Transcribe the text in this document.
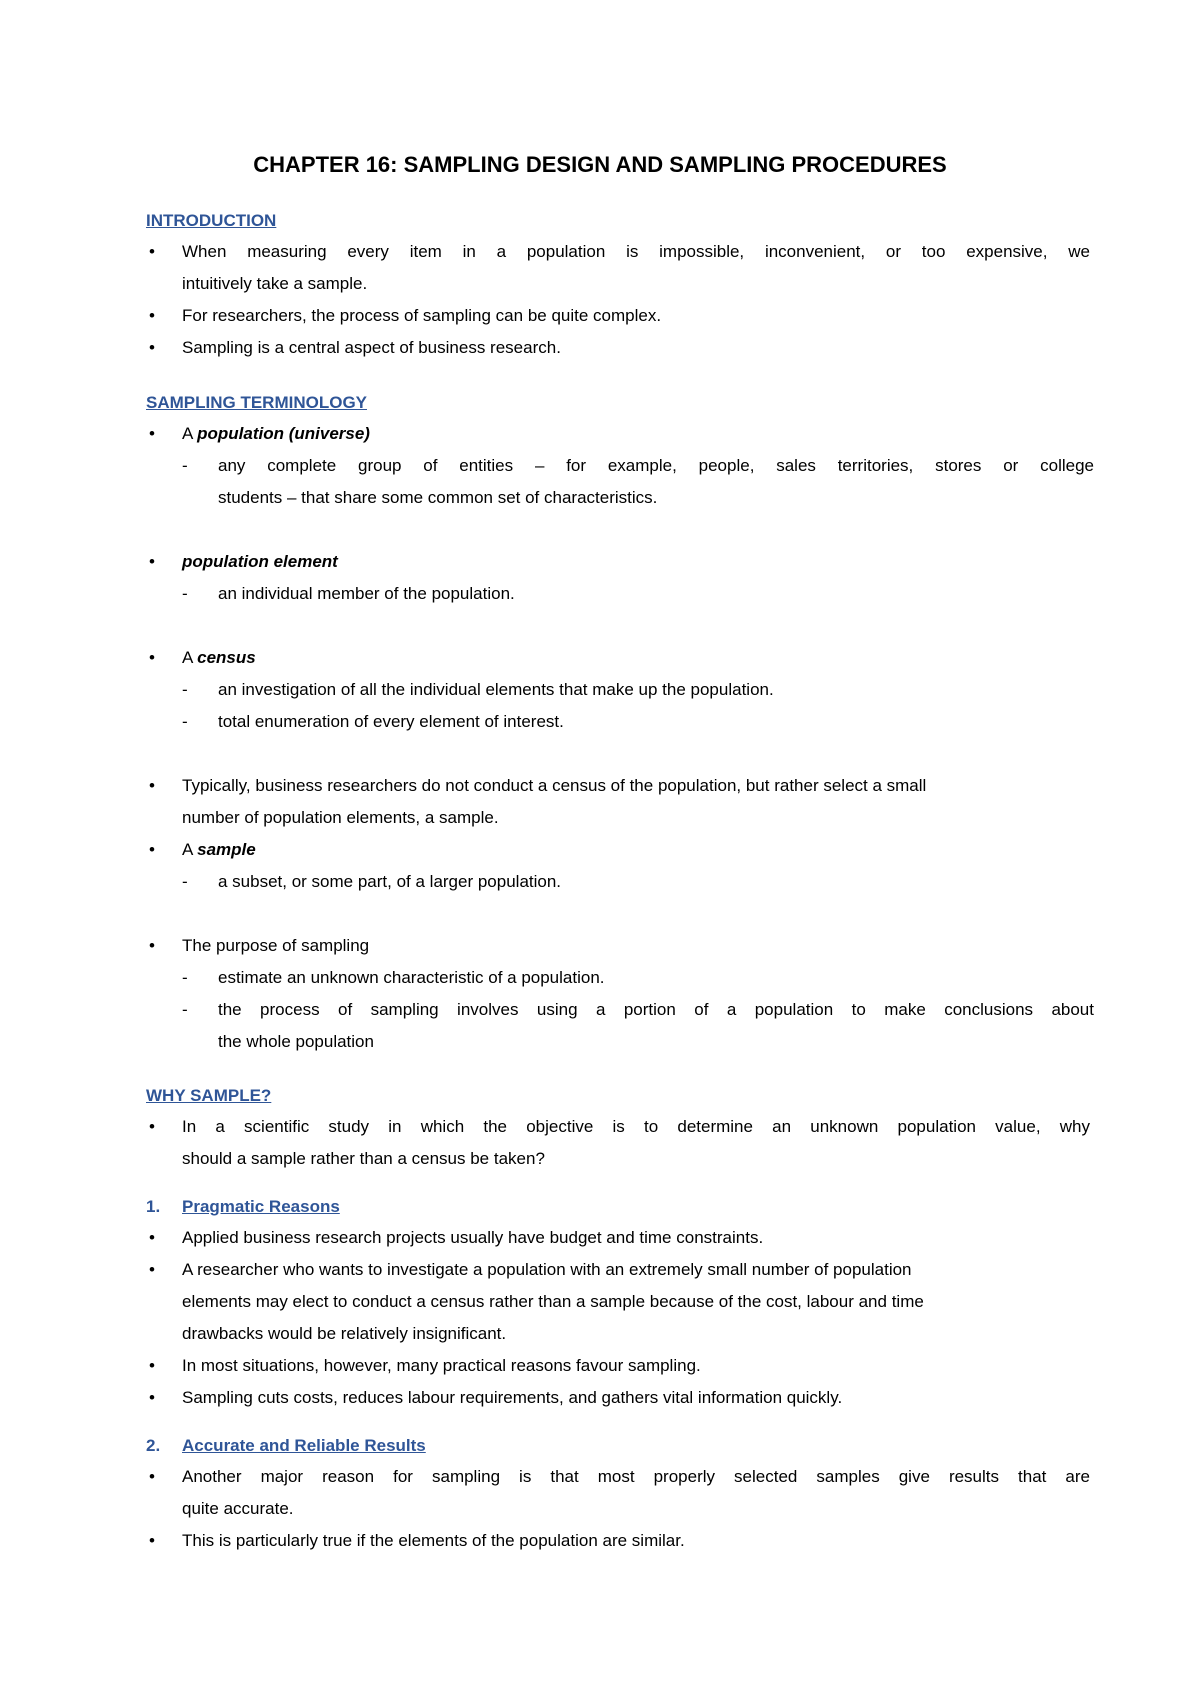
CHAPTER 16: SAMPLING DESIGN AND SAMPLING PROCEDURES
INTRODUCTION
• When measuring every item in a population is impossible, inconvenient, or too expensive, we
intuitively take a sample.
• For researchers, the process of sampling can be quite complex.
• Sampling is a central aspect of business research.
SAMPLING TERMINOLOGY
• A population (universe)
- any complete group of entities – for example, people, sales territories, stores or college
students – that share some common set of characteristics.
• population element
- an individual member of the population.
• A census
- an investigation of all the individual elements that make up the population.
- total enumeration of every element of interest.
• Typically, business researchers do not conduct a census of the population, but rather select a small
number of population elements, a sample.
• A sample
- a subset, or some part, of a larger population.
• The purpose of sampling
- estimate an unknown characteristic of a population.
- the process of sampling involves using a portion of a population to make conclusions about
the whole population
WHY SAMPLE?
• In a scientific study in which the objective is to determine an unknown population value, why
should a sample rather than a census be taken?
1. Pragmatic Reasons
• Applied business research projects usually have budget and time constraints.
• A researcher who wants to investigate a population with an extremely small number of population
elements may elect to conduct a census rather than a sample because of the cost, labour and time
drawbacks would be relatively insignificant.
• In most situations, however, many practical reasons favour sampling.
• Sampling cuts costs, reduces labour requirements, and gathers vital information quickly.
2. Accurate and Reliable Results
• Another major reason for sampling is that most properly selected samples give results that are
quite accurate.
• This is particularly true if the elements of the population are similar.
